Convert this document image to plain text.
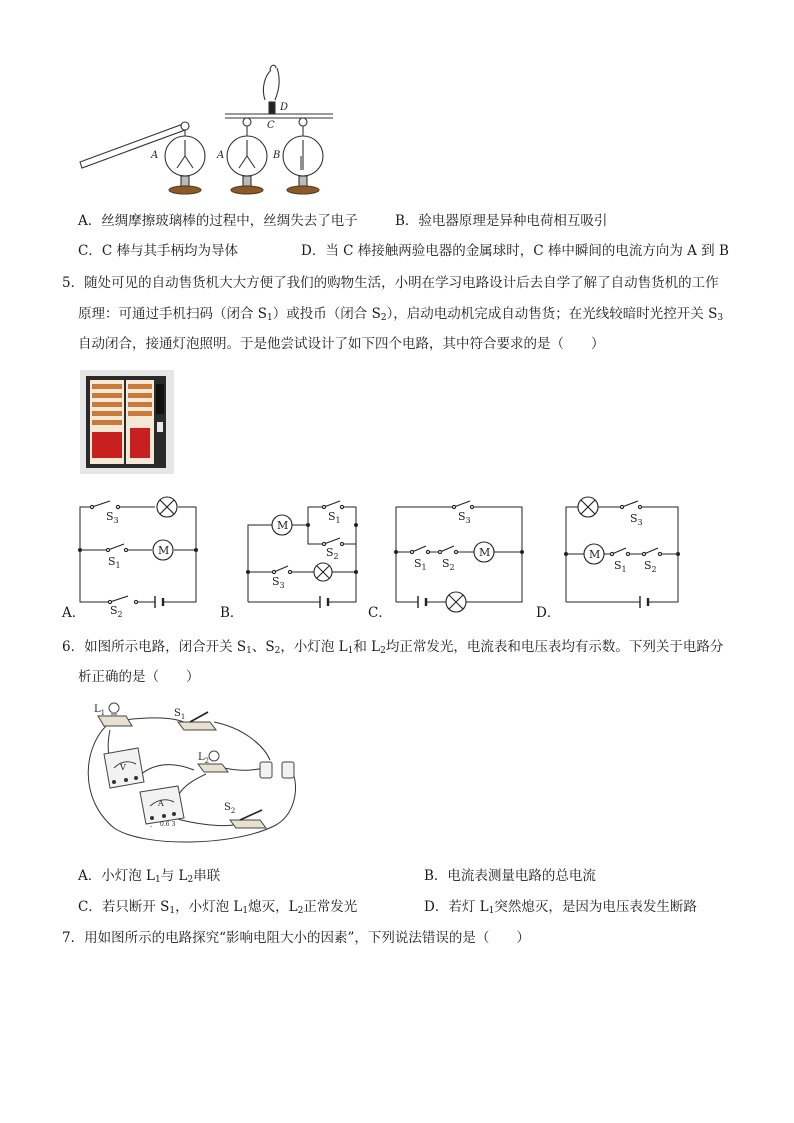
A	A	B
C
D
A．丝绸摩擦玻璃棒的过程中，丝绸失去了电子	B．验电器原理是异种电荷相互吸引
C．C 棒与其手柄均为导体	D．当 C 棒接触两验电器的金属球时，C 棒中瞬间的电流方向为 A 到 B
5．随处可见的自动售货机大大方便了我们的购物生活，小明在学习电路设计后去自学了解了自动售货机的工作
原理：可通过手机扫码（闭合 $S_1$）或投币（闭合 $S_2$），启动电动机完成自动售货；在光线较暗时光控开关 $S_3$
自动闭合，接通灯泡照明。于是他尝试设计了如下四个电路，其中符合要求的是（　　）
M
$S_3$
$S_1$
$S_2$
A．
M
$S_1$
$S_2$
$S_3$
B．
M
$S_3$
$S_1$ $S_2$
C．
M
$S_3$
$S_1$ $S_2$
D．
6．如图所示电路，闭合开关 $S_1$、$S_2$，小灯泡 $L_1$和 $L_2$均正常发光，电流表和电压表均有示数。下列关于电路分
析正确的是（　　）
$L_1$	$S_1$
$L_2$
$S_2$
V
A
- 0.6 3
A．小灯泡 $L_1$与 $L_2$串联	B．电流表测量电路的总电流
C．若只断开 $S_1$，小灯泡 $L_1$熄灭，$L_2$正常发光	D．若灯 $L_1$突然熄灭，是因为电压表发生断路
7．用如图所示的电路探究“影响电阻大小的因素”，下列说法错误的是（　　）
